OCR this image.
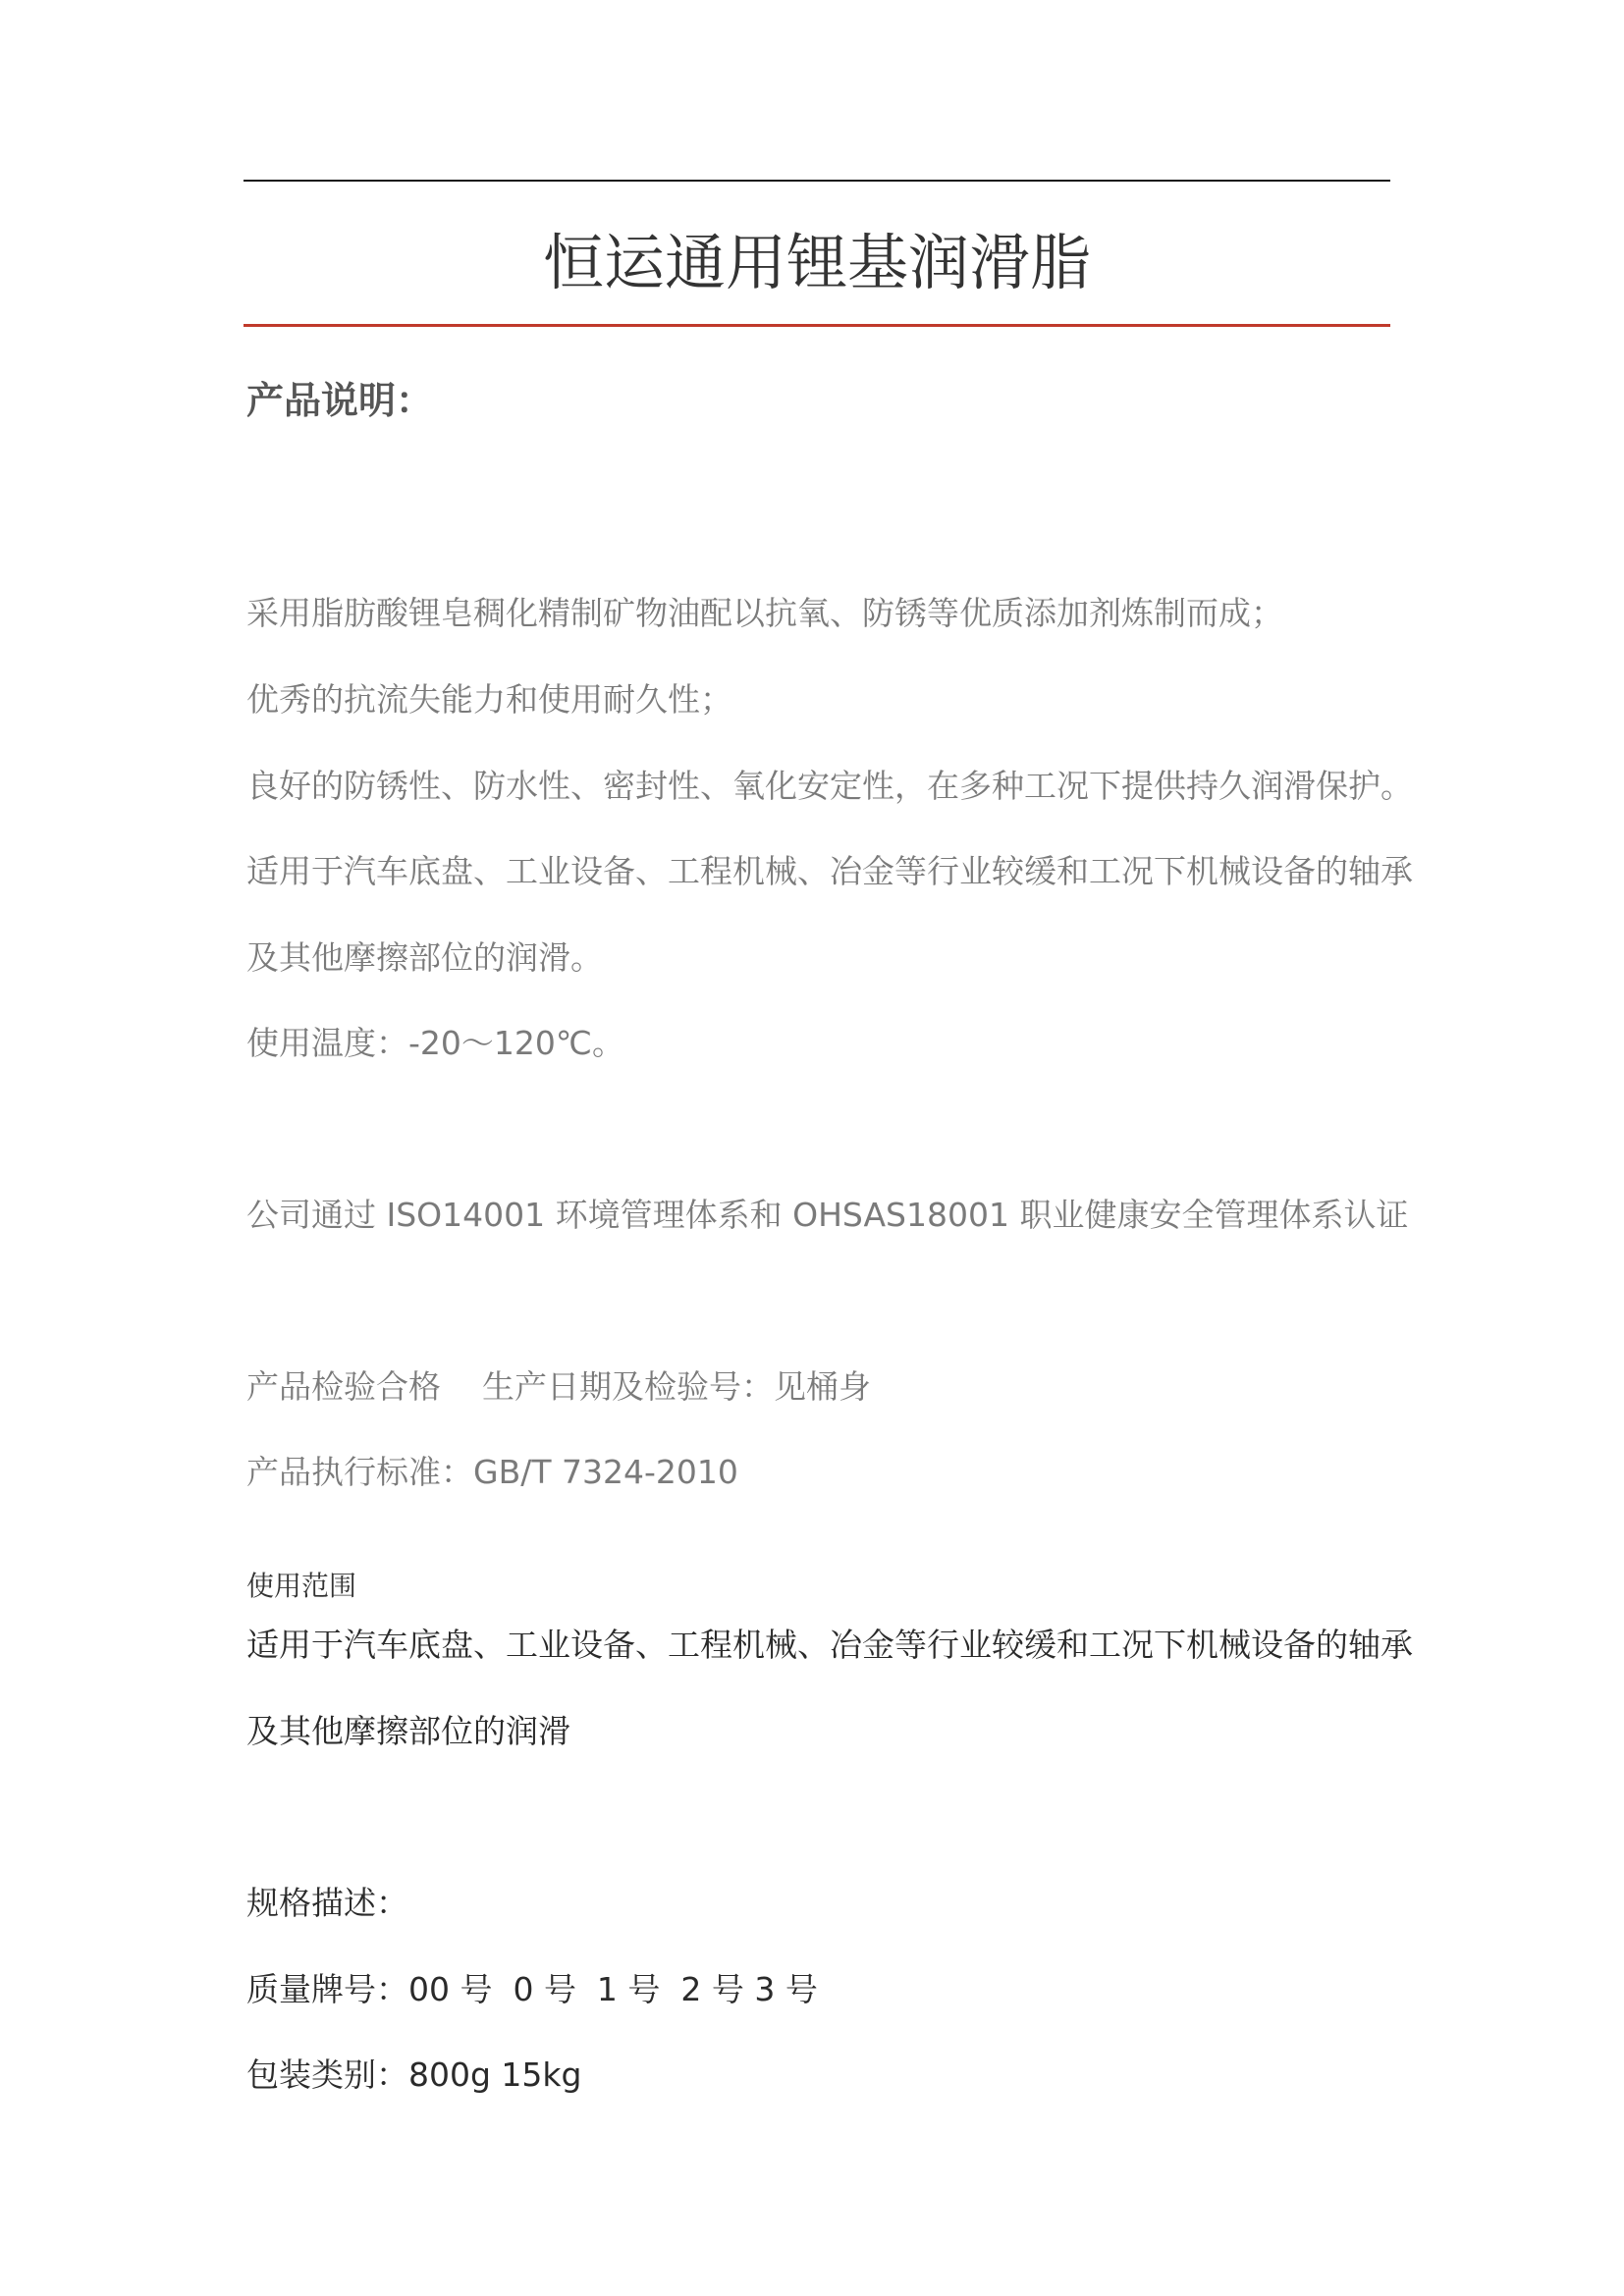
恒运通用锂基润滑脂
产品说明：
采用脂肪酸锂皂稠化精制矿物油配以抗氧、防锈等优质添加剂炼制而成；
优秀的抗流失能力和使用耐久性；
良好的防锈性、防水性、密封性、氧化安定性，在多种工况下提供持久润滑保护。
适用于汽车底盘、工业设备、工程机械、冶金等行业较缓和工况下机械设备的轴承
及其他摩擦部位的润滑。
使用温度：-20～120℃。
公司通过 ISO14001 环境管理体系和 OHSAS18001 职业健康安全管理体系认证
产品检验合格    生产日期及检验号：见桶身
产品执行标准：GB/T 7324-2010
使用范围
适用于汽车底盘、工业设备、工程机械、冶金等行业较缓和工况下机械设备的轴承
及其他摩擦部位的润滑
规格描述：
质量牌号：00 号  0 号  1 号  2 号 3 号
包装类别：800g 15kg
